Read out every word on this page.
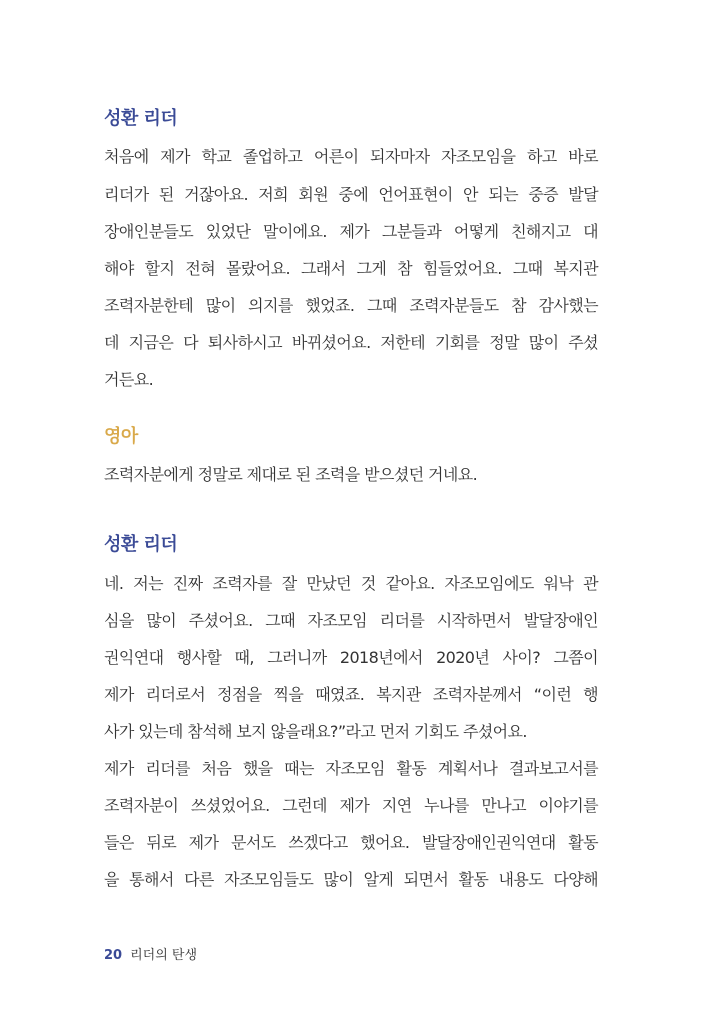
성환 리더

처음에 제가 학교 졸업하고 어른이 되자마자 자조모임을 하고 바로

리더가 된 거잖아요. 저희 회원 중에 언어표현이 안 되는 중증 발달

장애인분들도 있었단 말이에요. 제가 그분들과 어떻게 친해지고 대

해야 할지 전혀 몰랐어요. 그래서 그게 참 힘들었어요. 그때 복지관

조력자분한테 많이 의지를 했었죠. 그때 조력자분들도 참 감사했는

데 지금은 다 퇴사하시고 바뀌셨어요. 저한테 기회를 정말 많이 주셨

거든요.

영아

조력자분에게 정말로 제대로 된 조력을 받으셨던 거네요.

성환 리더

네. 저는 진짜 조력자를 잘 만났던 것 같아요. 자조모임에도 워낙 관

심을 많이 주셨어요. 그때 자조모임 리더를 시작하면서 발달장애인

권익연대 행사할 때, 그러니까 2018년에서 2020년 사이? 그쯤이

제가 리더로서 정점을 찍을 때였죠. 복지관 조력자분께서 “이런 행

사가 있는데 참석해 보지 않을래요?”라고 먼저 기회도 주셨어요.

제가 리더를 처음 했을 때는 자조모임 활동 계획서나 결과보고서를

조력자분이 쓰셨었어요. 그런데 제가 지연 누나를 만나고 이야기를

들은 뒤로 제가 문서도 쓰겠다고 했어요. 발달장애인권익연대 활동

을 통해서 다른 자조모임들도 많이 알게 되면서 활동 내용도 다양해

20 리더의 탄생
